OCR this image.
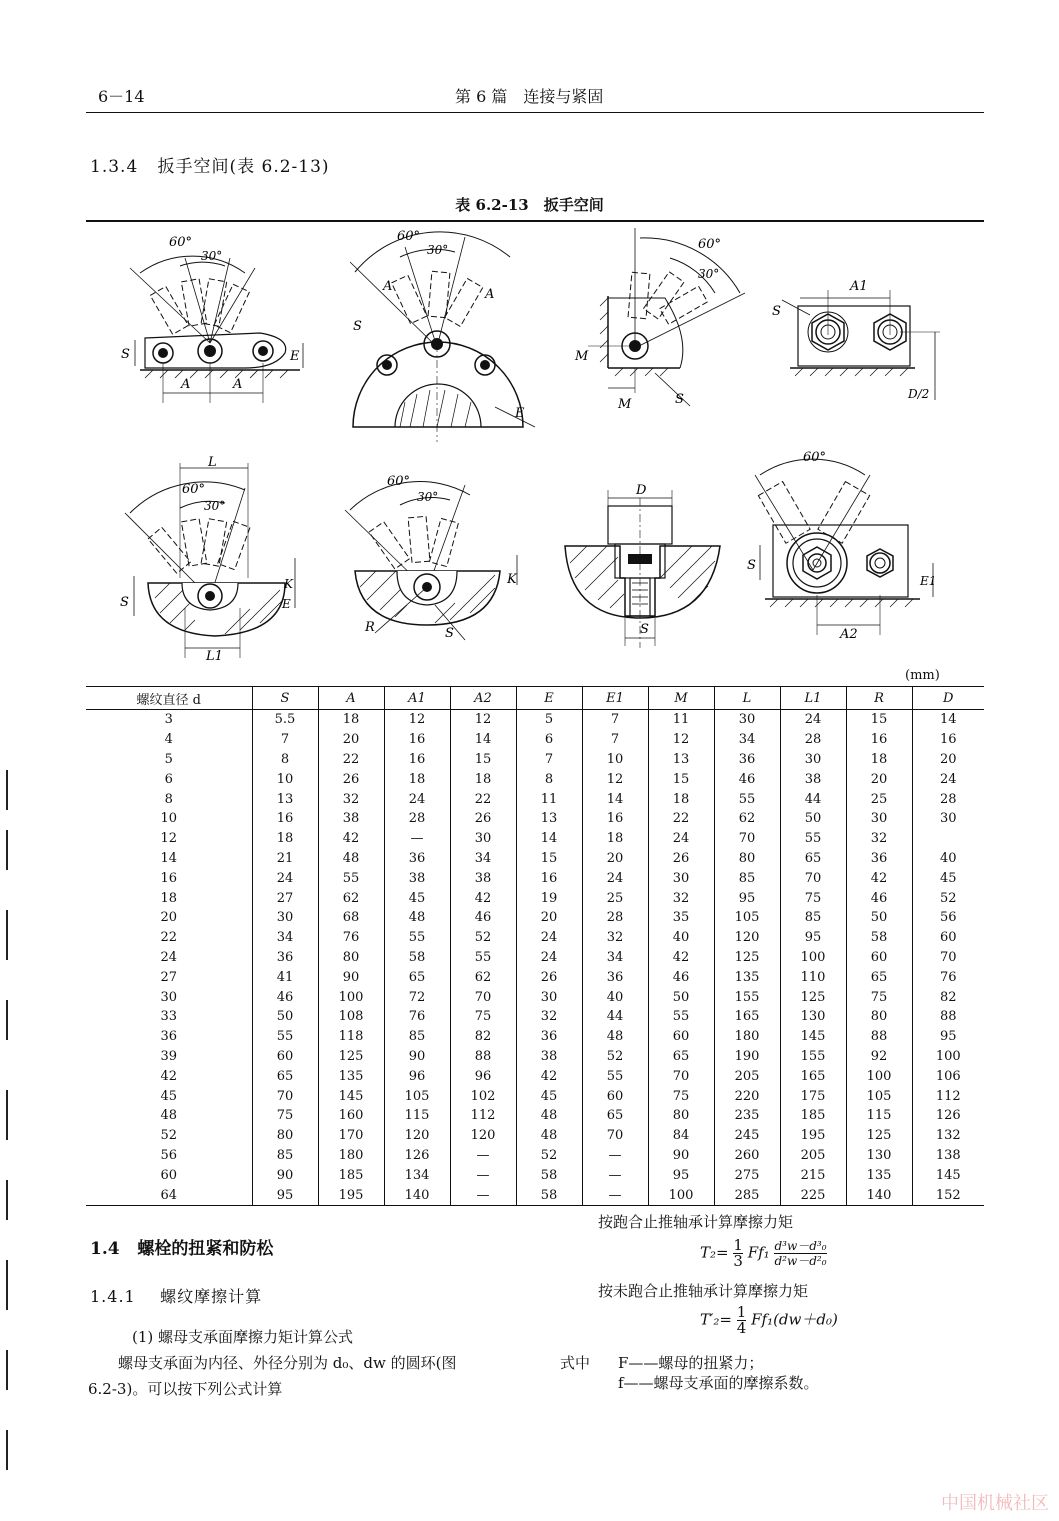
6－14	第 6 篇　连接与紧固
1.3.4 扳手空间(表 6.2-13)
表 6.2-13　扳手空间
60°
30°
A	A
S	E
60°
30°
A
A
S
E
60°
30°
M
M	S
A1
S
D/2
L
60°
30°
S	E
K
L1
60°
30°
R	S
K
D
S
60°
S
E1
A2
(mm)
螺纹直径 d	S	A	A1	A2	E	E1	M	L	L1	R	D
3	5.5	18	12	12	5	7	11	30	24	15	14
4	7	20	16	14	6	7	12	34	28	16	16
5	8	22	16	15	7	10	13	36	30	18	20
6	10	26	18	18	8	12	15	46	38	20	24
8	13	32	24	22	11	14	18	55	44	25	28
10	16	38	28	26	13	16	22	62	50	30	30
12	18	42	—	30	14	18	24	70	55	32	
14	21	48	36	34	15	20	26	80	65	36	40
16	24	55	38	38	16	24	30	85	70	42	45
18	27	62	45	42	19	25	32	95	75	46	52
20	30	68	48	46	20	28	35	105	85	50	56
22	34	76	55	52	24	32	40	120	95	58	60
24	36	80	58	55	24	34	42	125	100	60	70
27	41	90	65	62	26	36	46	135	110	65	76
30	46	100	72	70	30	40	50	155	125	75	82
33	50	108	76	75	32	44	55	165	130	80	88
36	55	118	85	82	36	48	60	180	145	88	95
39	60	125	90	88	38	52	65	190	155	92	100
42	65	135	96	96	42	55	70	205	165	100	106
45	70	145	105	102	45	60	75	220	175	105	112
48	75	160	115	112	48	65	80	235	185	115	126
52	80	170	120	120	48	70	84	245	195	125	132
56	85	180	126	—	52	—	90	260	205	130	138
60	90	185	134	—	58	—	95	275	215	135	145
64	95	195	140	—	58	—	100	285	225	140	152
1.4 螺栓的扭紧和防松
1.4.1 螺纹摩擦计算
(1) 螺母支承面摩擦力矩计算公式
螺母支承面为内径、外径分别为 d₀、dw 的圆环(图
6.2-3)。可以按下列公式计算
按跑合止推轴承计算摩擦力矩
$T_2= \frac{1}{3} Ff_1 \frac{\text{d³w－d³₀}}{\text{d²w－d²₀}}$
按未跑合止推轴承计算摩擦力矩
$T'_2= \frac{1}{4} Ff_1(dw+d_0)$
式中 F——螺母的扭紧力；
f——螺母支承面的摩擦系数。
中国机械社区
